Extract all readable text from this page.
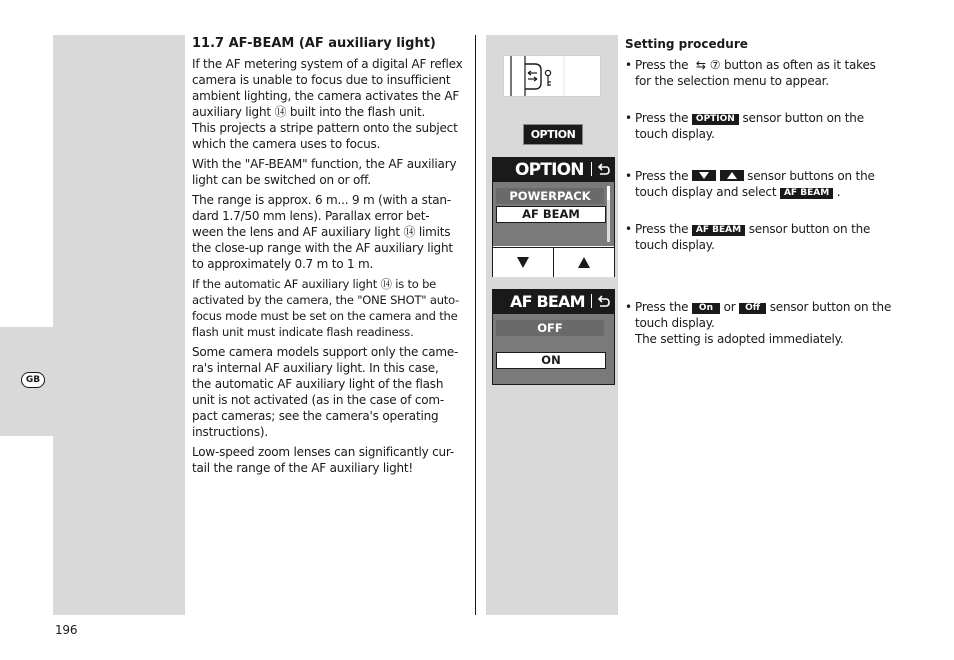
GB
196
11.7 AF-BEAM (AF auxiliary light)

If the AF metering system of a digital AF reflex
camera is unable to focus due to insufficient
ambient lighting, the camera activates the AF
auxiliary light ⑭ built into the flash unit.
This projects a stripe pattern onto the subject
which the camera uses to focus.

With the "AF-BEAM" function, the AF auxiliary
light can be switched on or off.

The range is approx. 6 m... 9 m (with a stan-
dard 1.7/50 mm lens). Parallax error bet-
ween the lens and AF auxiliary light ⑭ limits
the close-up range with the AF auxiliary light
to approximately 0.7 m to 1 m.

If the automatic AF auxiliary light ⑭ is to be
activated by the camera, the "ONE SHOT" auto-
focus mode must be set on the camera and the
flash unit must indicate flash readiness.

Some camera models support only the came-
ra's internal AF auxiliary light. In this case,
the automatic AF auxiliary light of the flash
unit is not activated (as in the case of com-
pact cameras; see the camera's operating
instructions).

Low-speed zoom lenses can significantly cur-
tail the range of the AF auxiliary light!

OPTION
OPTION
POWERPACK
AF BEAM
AF BEAM
OFF
ON
Setting procedure
• Press the ⇆ ⑦ button as often as it takes
for the selection menu to appear.
• Press the OPTION sensor button on the
touch display.
• Press the
	sensor buttons on the
touch display and select AF BEAM .
• Press the AF BEAM sensor button on the
touch display.
• Press the On or Off sensor button on the
touch display.
The setting is adopted immediately.
